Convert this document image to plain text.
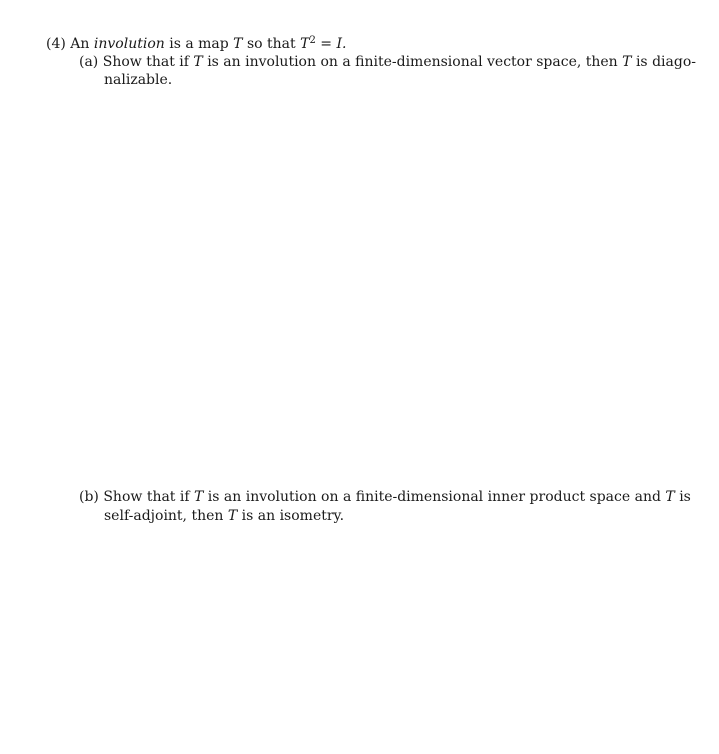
(4) An involution is a map T so that $T^2 = I$.
(a) Show that if T is an involution on a finite-dimensional vector space, then T is diago-
nalizable.
(b) Show that if T is an involution on a finite-dimensional inner product space and T is
self-adjoint, then T is an isometry.
